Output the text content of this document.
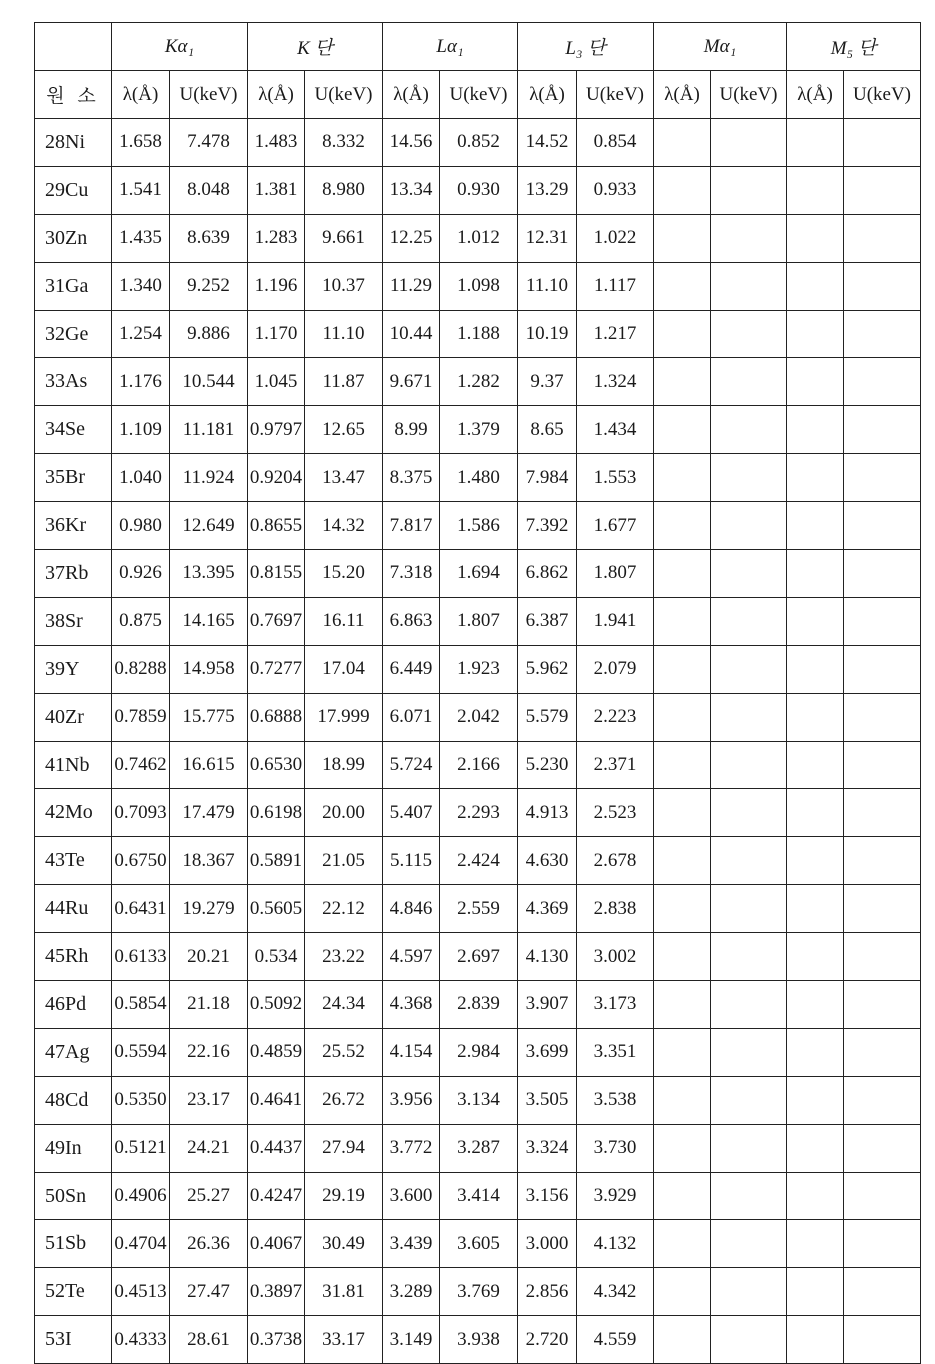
	Kα₁		K 단		Lα₁		L₃ 단		Mα₁		M₅ 단	
원 소	λ(Å)	U(keV)	λ(Å)	U(keV)	λ(Å)	U(keV)	λ(Å)	U(keV)	λ(Å)	U(keV)	λ(Å)	U(keV)
28Ni	1.658	7.478	1.483	8.332	14.56	0.852	14.52	0.854				
29Cu	1.541	8.048	1.381	8.980	13.34	0.930	13.29	0.933				
30Zn	1.435	8.639	1.283	9.661	12.25	1.012	12.31	1.022				
31Ga	1.340	9.252	1.196	10.37	11.29	1.098	11.10	1.117				
32Ge	1.254	9.886	1.170	11.10	10.44	1.188	10.19	1.217				
33As	1.176	10.544	1.045	11.87	9.671	1.282	9.37	1.324				
34Se	1.109	11.181	0.9797	12.65	8.99	1.379	8.65	1.434				
35Br	1.040	11.924	0.9204	13.47	8.375	1.480	7.984	1.553				
36Kr	0.980	12.649	0.8655	14.32	7.817	1.586	7.392	1.677				
37Rb	0.926	13.395	0.8155	15.20	7.318	1.694	6.862	1.807				
38Sr	0.875	14.165	0.7697	16.11	6.863	1.807	6.387	1.941				
39Y	0.8288	14.958	0.7277	17.04	6.449	1.923	5.962	2.079				
40Zr	0.7859	15.775	0.6888	17.999	6.071	2.042	5.579	2.223				
41Nb	0.7462	16.615	0.6530	18.99	5.724	2.166	5.230	2.371				
42Mo	0.7093	17.479	0.6198	20.00	5.407	2.293	4.913	2.523				
43Te	0.6750	18.367	0.5891	21.05	5.115	2.424	4.630	2.678				
44Ru	0.6431	19.279	0.5605	22.12	4.846	2.559	4.369	2.838				
45Rh	0.6133	20.21	0.534	23.22	4.597	2.697	4.130	3.002				
46Pd	0.5854	21.18	0.5092	24.34	4.368	2.839	3.907	3.173				
47Ag	0.5594	22.16	0.4859	25.52	4.154	2.984	3.699	3.351				
48Cd	0.5350	23.17	0.4641	26.72	3.956	3.134	3.505	3.538				
49In	0.5121	24.21	0.4437	27.94	3.772	3.287	3.324	3.730				
50Sn	0.4906	25.27	0.4247	29.19	3.600	3.414	3.156	3.929				
51Sb	0.4704	26.36	0.4067	30.49	3.439	3.605	3.000	4.132				
52Te	0.4513	27.47	0.3897	31.81	3.289	3.769	2.856	4.342				
53I	0.4333	28.61	0.3738	33.17	3.149	3.938	2.720	4.559				
